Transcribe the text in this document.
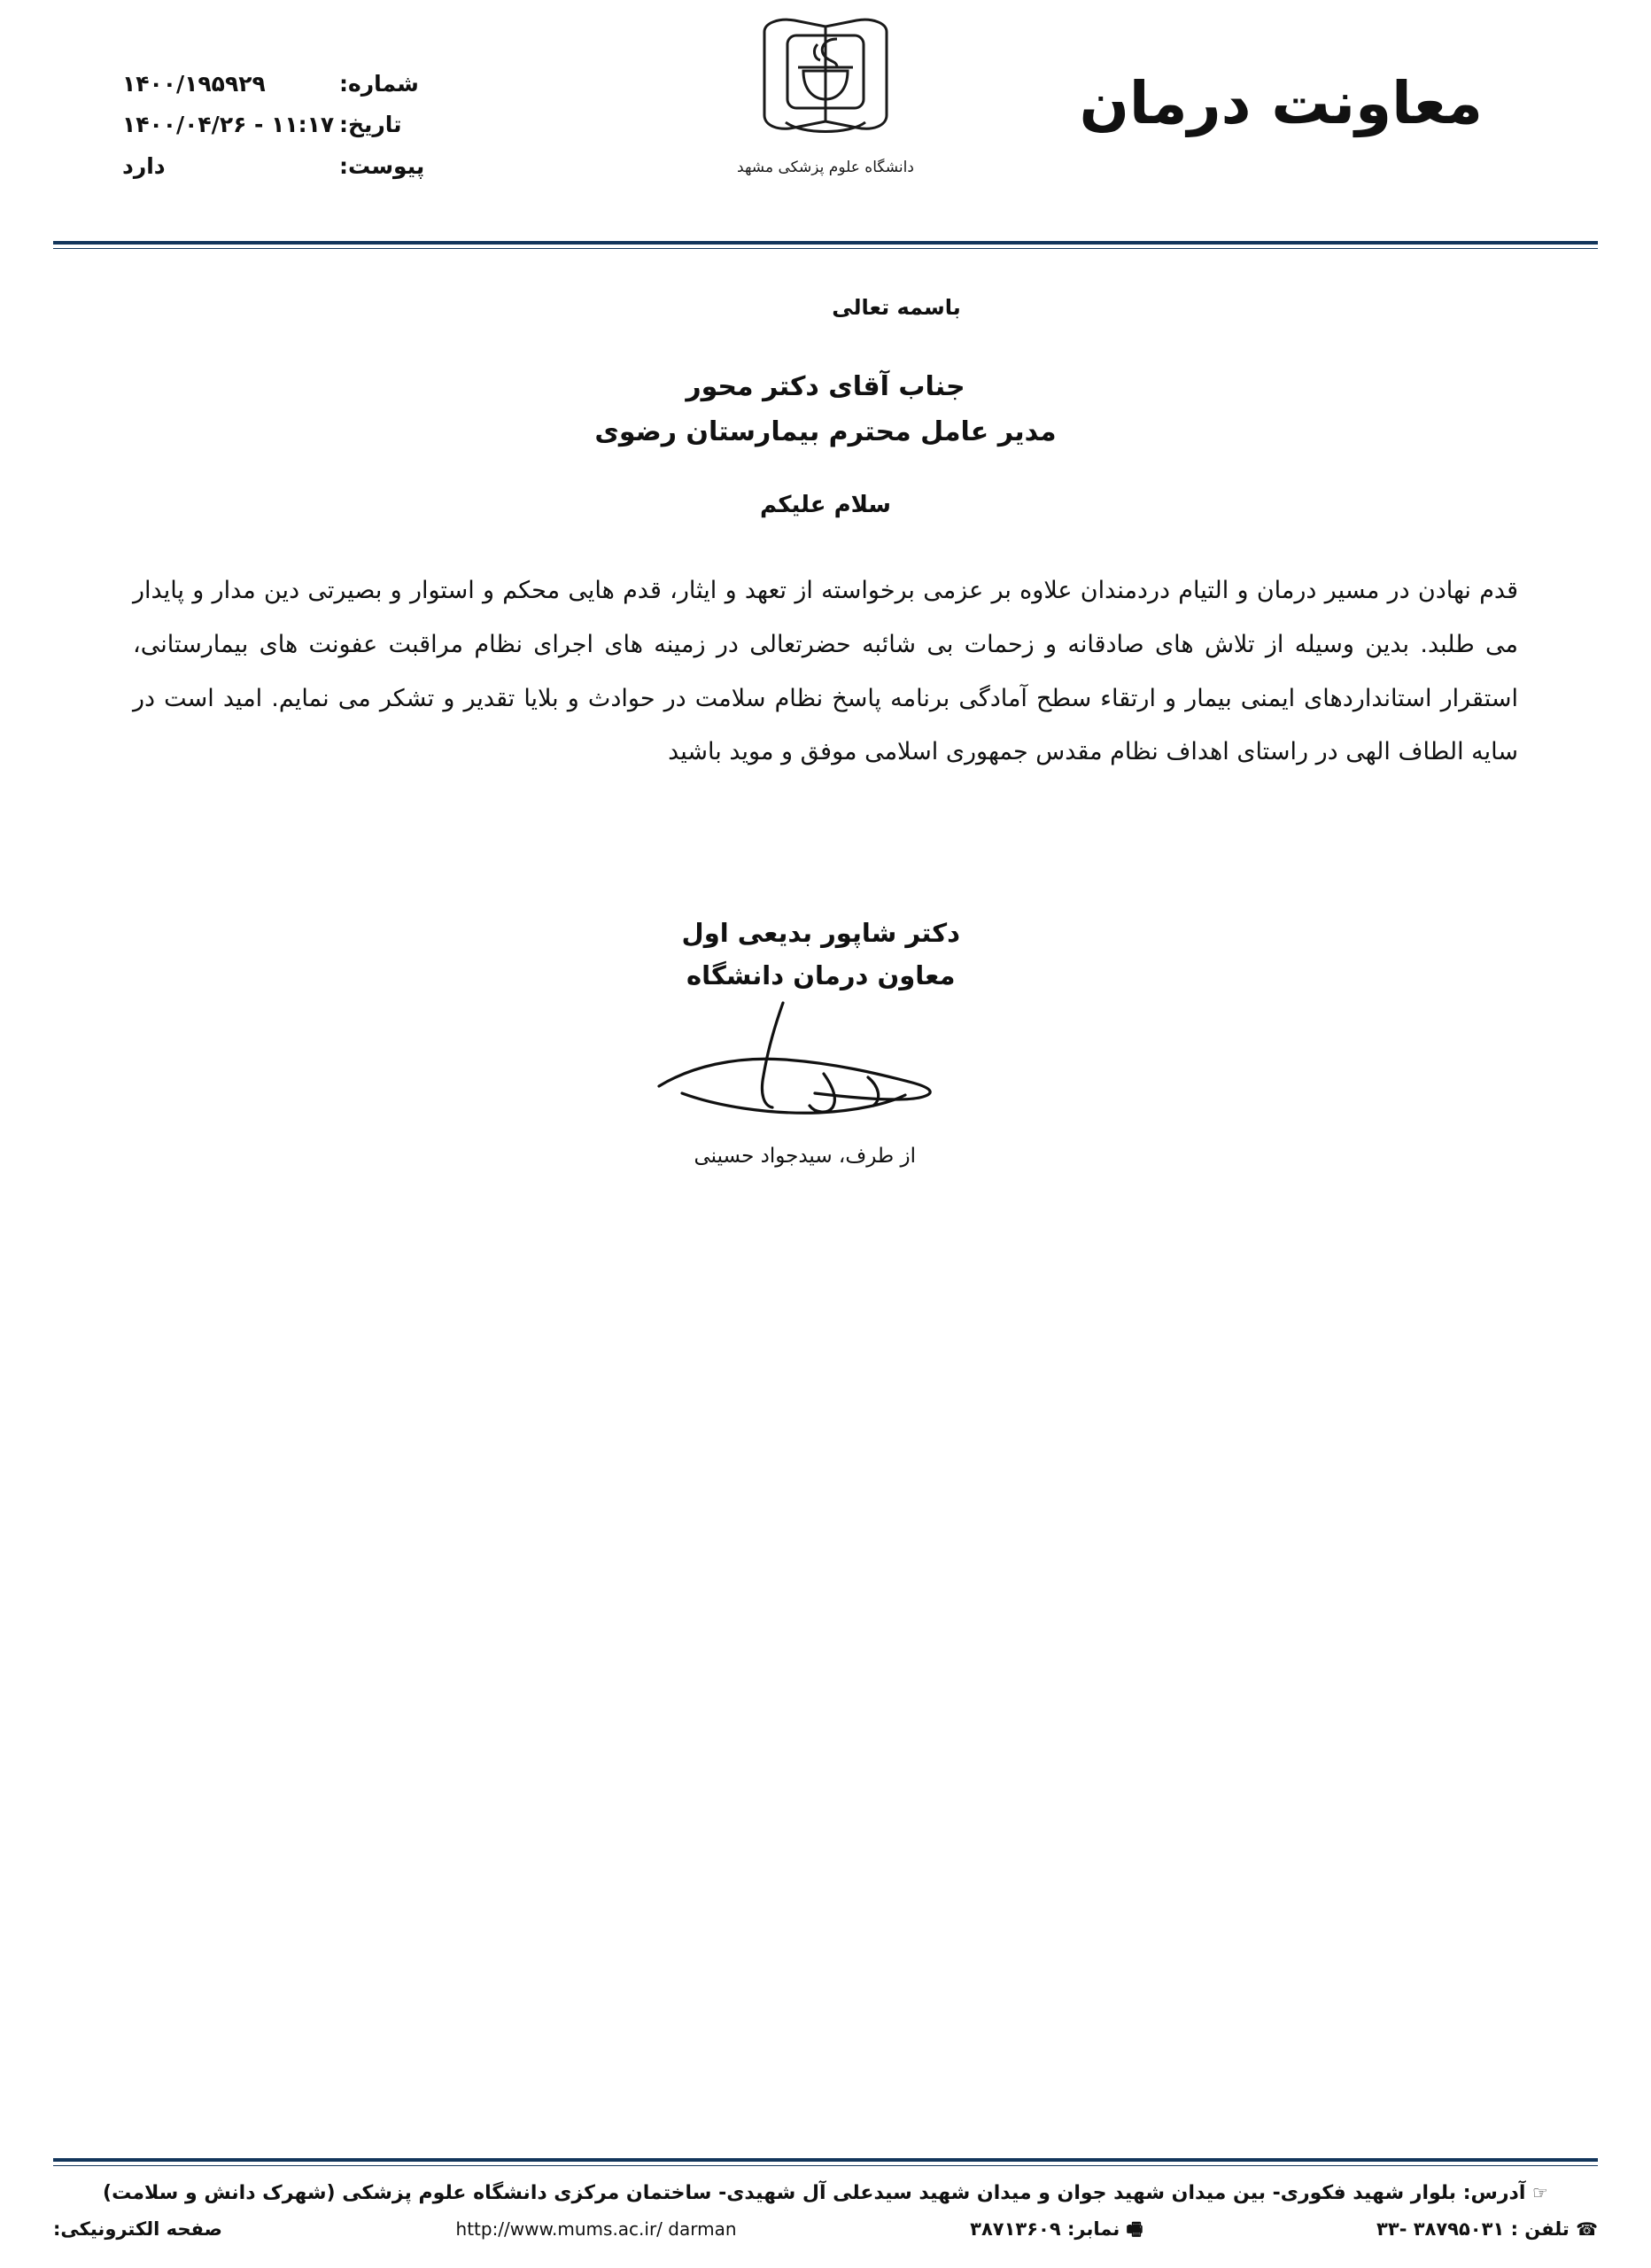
معاونت درمان
دانشگاه علوم پزشکی مشهد
شماره:
۱۴۰۰/۱۹۵۹۲۹
تاریخ:
۱۱:۱۷ - ۱۴۰۰/۰۴/۲۶
پیوست:
دارد
باسمه تعالی
جناب آقای دکتر محور
مدیر عامل محترم بیمارستان رضوی
سلام علیکم
قدم نهادن در مسیر درمان و التیام دردمندان علاوه بر عزمی برخواسته از تعهد و ایثار، قدم هایی محکم و استوار و بصیرتی دین مدار و پایدار می طلبد. بدین وسیله از تلاش های صادقانه و زحمات بی شائبه حضرتعالی در زمینه های اجرای نظام مراقبت عفونت های بیمارستانی، استقرار استانداردهای ایمنی بیمار و ارتقاء سطح آمادگی برنامه پاسخ نظام سلامت در حوادث و بلایا تقدیر و تشکر می نمایم. امید است در سایه الطاف الهی در راستای اهداف نظام مقدس جمهوری اسلامی موفق و موید باشید
دکتر شاپور بدیعی اول
معاون درمان دانشگاه
از طرف، سیدجواد حسینی
☞ آدرس: بلوار شهید فکوری- بین میدان شهید جوان و میدان شهید سیدعلی آل شهیدی- ساختمان مرکزی دانشگاه علوم پزشکی (شهرک دانش و سلامت)
☎ تلفن : ۳۸۷۹۵۰۳۱ -۳۳
🖷 نمابر: ۳۸۷۱۳۶۰۹
http://www.mums.ac.ir/ darman
صفحه الکترونیکی:
